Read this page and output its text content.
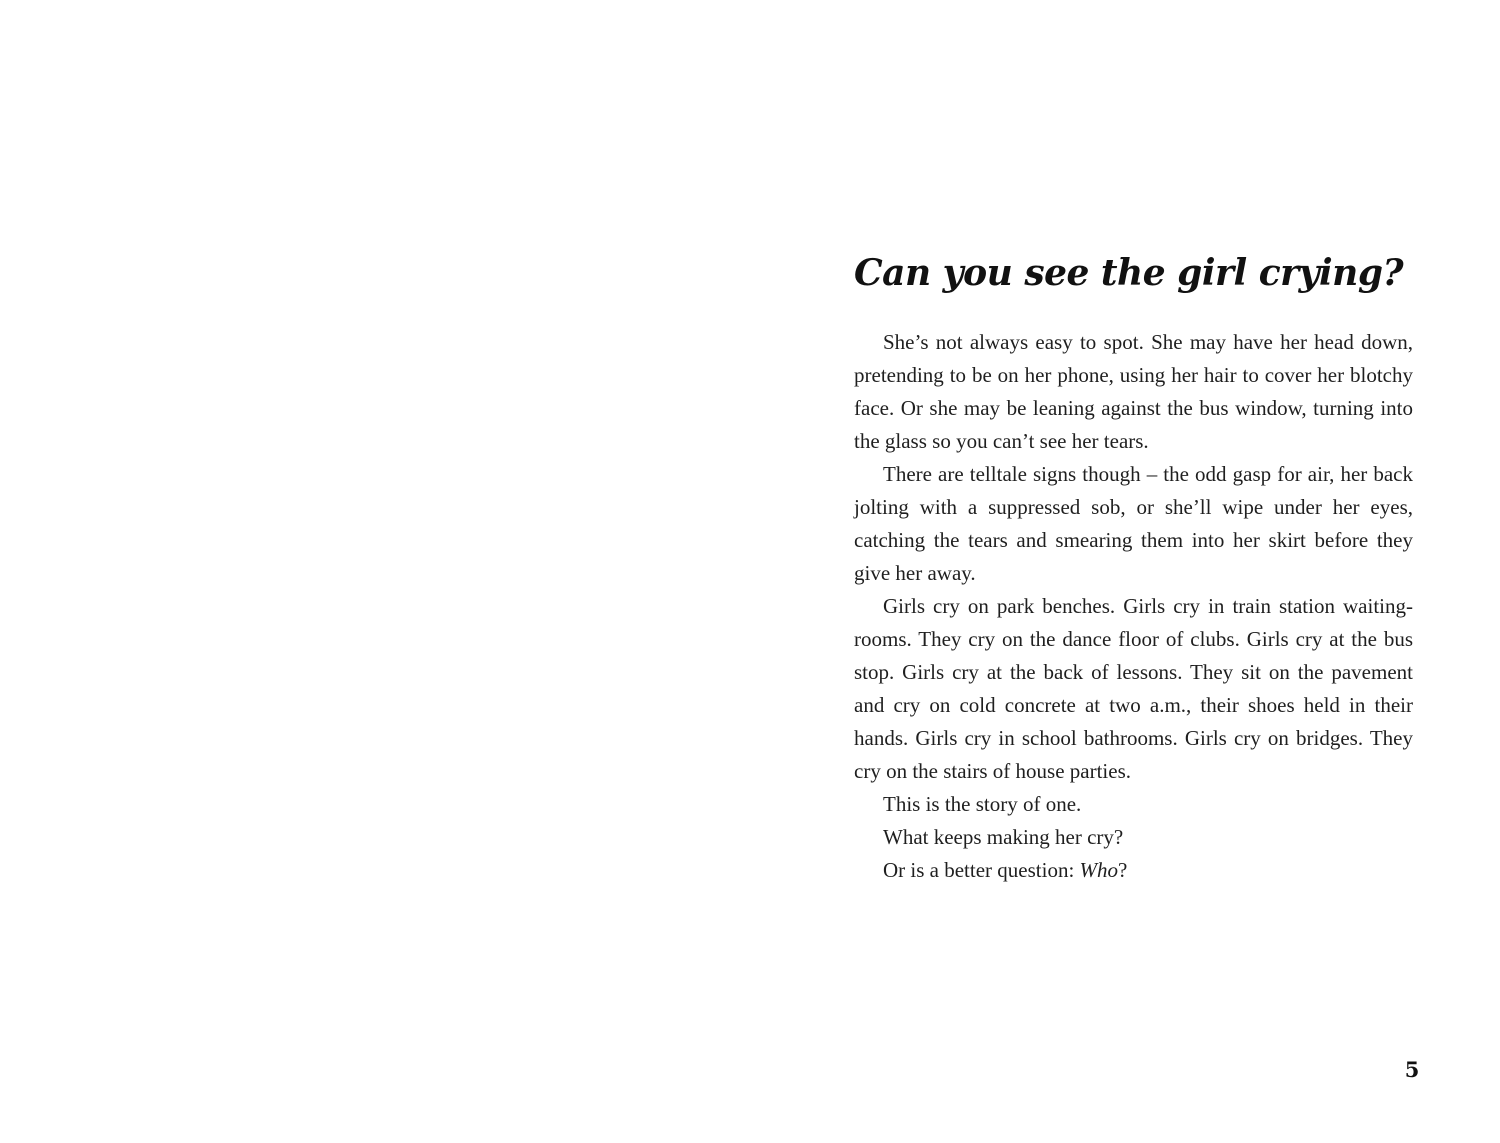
Can you see the girl crying?

She’s not always easy to spot. She may have her head down, pretending to be on her phone, using her hair to cover her blotchy face. Or she may be leaning against the bus window, turning into the glass so you can’t see her tears.

There are telltale signs though – the odd gasp for air, her back jolting with a suppressed sob, or she’ll wipe under her eyes, catching the tears and smearing them into her skirt before they give her away.

Girls cry on park benches. Girls cry in train station waiting-rooms. They cry on the dance floor of clubs. Girls cry at the bus stop. Girls cry at the back of lessons. They sit on the pavement and cry on cold concrete at two a.m., their shoes held in their hands. Girls cry in school bathrooms. Girls cry on bridges. They cry on the stairs of house parties.

This is the story of one.

What keeps making her cry?

Or is a better question: Who?

5
